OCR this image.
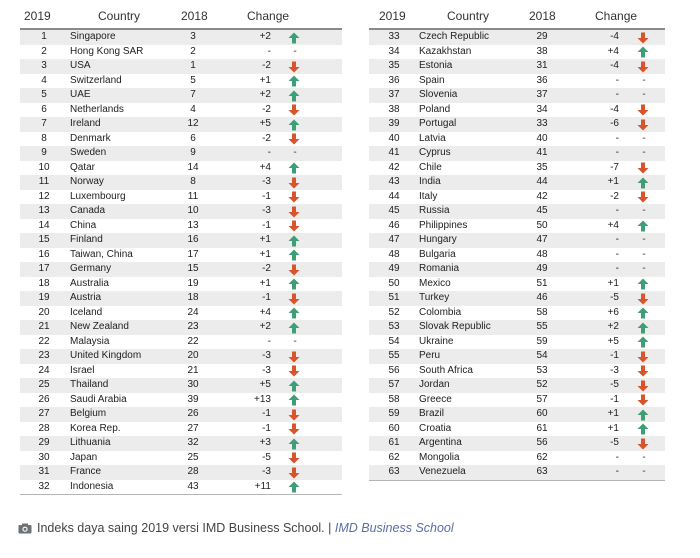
2019	Country	2018	Change
1	Singapore	3	+2
2	Hong Kong SAR	2	-	-
3	USA	1	-2
4	Switzerland	5	+1
5	UAE	7	+2
6	Netherlands	4	-2
7	Ireland	12	+5
8	Denmark	6	-2
9	Sweden	9	-	-
10	Qatar	14	+4
11	Norway	8	-3
12	Luxembourg	11	-1
13	Canada	10	-3
14	China	13	-1
15	Finland	16	+1
16	Taiwan, China	17	+1
17	Germany	15	-2
18	Australia	19	+1
19	Austria	18	-1
20	Iceland	24	+4
21	New Zealand	23	+2
22	Malaysia	22	-	-
23	United Kingdom	20	-3
24	Israel	21	-3
25	Thailand	30	+5
26	Saudi Arabia	39	+13
27	Belgium	26	-1
28	Korea Rep.	27	-1
29	Lithuania	32	+3
30	Japan	25	-5
31	France	28	-3
32	Indonesia	43	+11
2019	Country	2018	Change
33	Czech Republic	29	-4
34	Kazakhstan	38	+4
35	Estonia	31	-4
36	Spain	36	-	-
37	Slovenia	37	-	-
38	Poland	34	-4
39	Portugal	33	-6
40	Latvia	40	-	-
41	Cyprus	41	-	-
42	Chile	35	-7
43	India	44	+1
44	Italy	42	-2
45	Russia	45	-	-
46	Philippines	50	+4
47	Hungary	47	-	-
48	Bulgaria	48	-	-
49	Romania	49	-	-
50	Mexico	51	+1
51	Turkey	46	-5
52	Colombia	58	+6
53	Slovak Republic	55	+2
54	Ukraine	59	+5
55	Peru	54	-1
56	South Africa	53	-3
57	Jordan	52	-5
58	Greece	57	-1
59	Brazil	60	+1
60	Croatia	61	+1
61	Argentina	56	-5
62	Mongolia	62	-	-
63	Venezuela	63	-	-
Indeks daya saing 2019 versi IMD Business School. | IMD Business School
